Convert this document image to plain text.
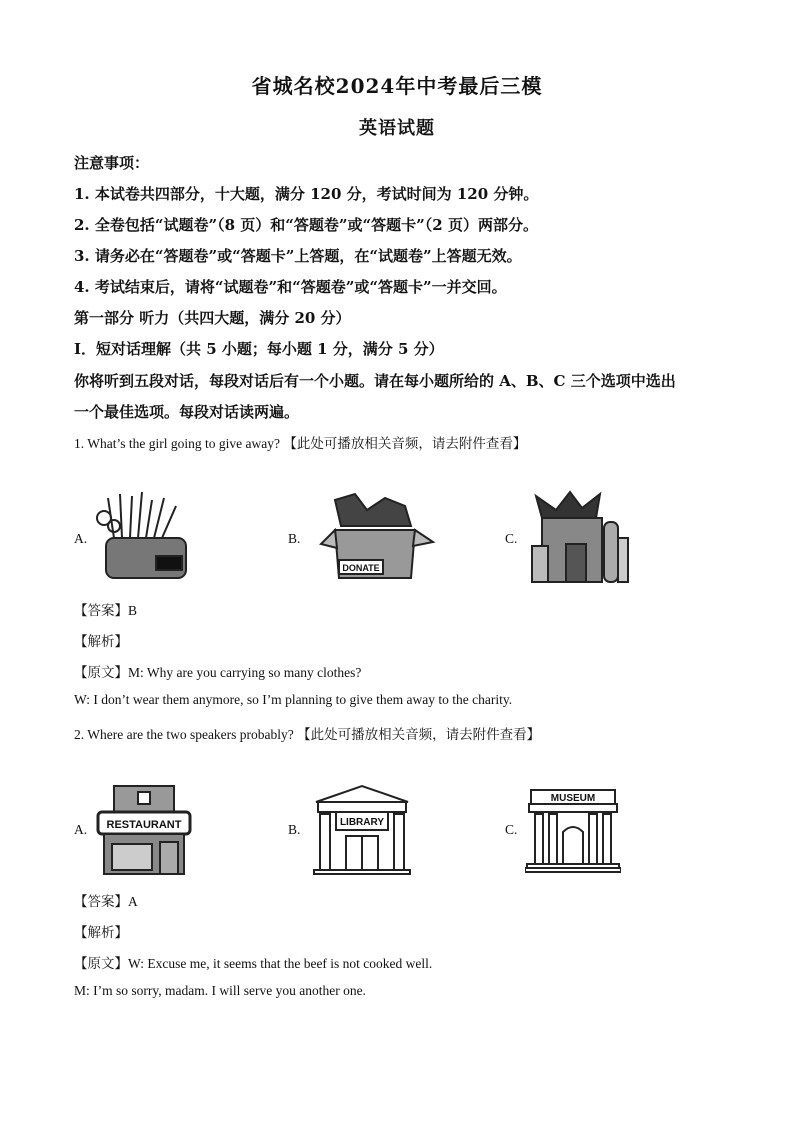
省城名校2024年中考最后三模
英语试题
注意事项：
1. 本试卷共四部分，十大题，满分 120 分，考试时间为 120 分钟。
2. 全卷包括“试题卷”（8 页）和“答题卷”或“答题卡”（2 页）两部分。
3. 请务必在“答题卷”或“答题卡”上答题，在“试题卷”上答题无效。
4. 考试结束后，请将“试题卷”和“答题卷”或“答题卡”一并交回。
第一部分 听力（共四大题，满分 20 分）
Ⅰ．短对话理解（共 5 小题；每小题 1 分，满分 5 分）
你将听到五段对话，每段对话后有一个小题。请在每小题所给的 A、B、C 三个选项中选出
一个最佳选项。每段对话读两遍。
1. What’s the girl going to give away? 【此处可播放相关音频，请去附件查看】
A.	B.
DONATE
C.
【答案】B
【解析】
【原文】M: Why are you carrying so many clothes?
W: I don’t wear them anymore, so I’m planning to give them away to the charity.
2. Where are the two speakers probably? 【此处可播放相关音频，请去附件查看】
A. RESTAURANT	B.	LIBRARY	C.
MUSEUM
【答案】A
【解析】
【原文】W: Excuse me, it seems that the beef is not cooked well.
M: I’m so sorry, madam. I will serve you another one.
